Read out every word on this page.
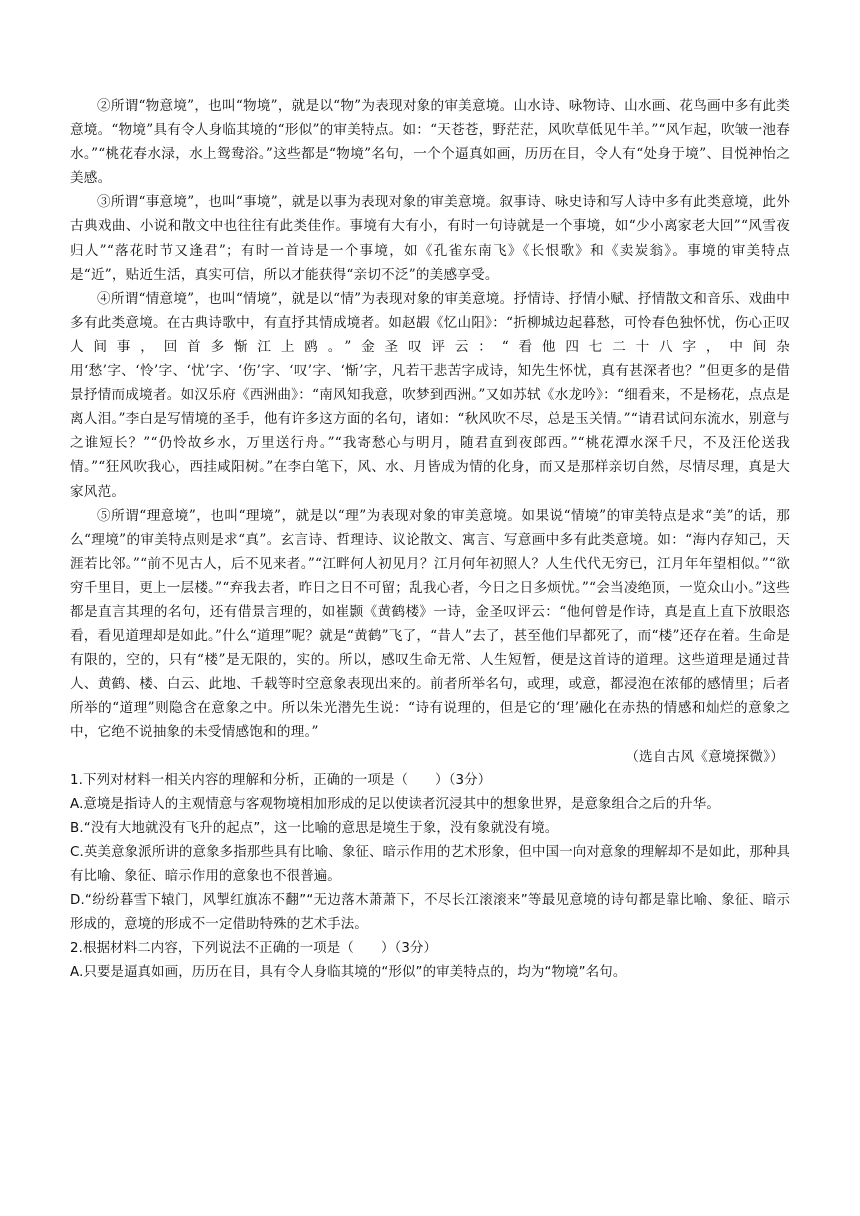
②所谓“物意境”，也叫“物境”，就是以“物”为表现对象的审美意境。山水诗、咏物诗、山水画、花鸟画中多有此类意境。“物境”具有令人身临其境的“形似”的审美特点。如：“天苍苍，野茫茫，风吹草低见牛羊。”“风乍起，吹皱一池春水。”“桃花春水渌，水上鸳鸯浴。”这些都是“物境”名句，一个个逼真如画，历历在目，令人有“处身于境”、目悦神怡之美感。

③所谓“事意境”，也叫“事境”，就是以事为表现对象的审美意境。叙事诗、咏史诗和写人诗中多有此类意境，此外古典戏曲、小说和散文中也往往有此类佳作。事境有大有小，有时一句诗就是一个事境，如“少小离家老大回”“风雪夜归人”“落花时节又逢君”；有时一首诗是一个事境，如《孔雀东南飞》《长恨歌》和《卖炭翁》。事境的审美特点是“近”，贴近生活，真实可信，所以才能获得“亲切不泛”的美感享受。

④所谓“情意境”，也叫“情境”，就是以“情”为表现对象的审美意境。抒情诗、抒情小赋、抒情散文和音乐、戏曲中多有此类意境。在古典诗歌中，有直抒其情成境者。如赵嘏《忆山阳》：“折柳城边起暮愁，可怜春色独怀忧，伤心正叹人间事，回首多惭江上鸥。”金圣叹评云：“看他四七二十八字，中间杂用‘愁’字、‘怜’字、‘忧’字、‘伤’字、‘叹’字、‘惭’字，凡若干悲苦字成诗，知先生怀忧，真有甚深者也？”但更多的是借景抒情而成境者。如汉乐府《西洲曲》：“南风知我意，吹梦到西洲。”又如苏轼《水龙吟》：“细看来，不是杨花，点点是离人泪。”李白是写情境的圣手，他有许多这方面的名句，诸如：“秋风吹不尽，总是玉关情。”“请君试问东流水，别意与之谁短长？”“仍怜故乡水，万里送行舟。”“我寄愁心与明月，随君直到夜郎西。”“桃花潭水深千尺，不及汪伦送我情。”“狂风吹我心，西挂咸阳树。”在李白笔下，风、水、月皆成为情的化身，而又是那样亲切自然，尽情尽理，真是大家风范。

⑤所谓“理意境”，也叫“理境”，就是以“理”为表现对象的审美意境。如果说“情境”的审美特点是求“美”的话，那么“理境”的审美特点则是求“真”。玄言诗、哲理诗、议论散文、寓言、写意画中多有此类意境。如：“海内存知己，天涯若比邻。”“前不见古人，后不见来者。”“江畔何人初见月？江月何年初照人？人生代代无穷已，江月年年望相似。”“欲穷千里目，更上一层楼。”“弃我去者，昨日之日不可留；乱我心者，今日之日多烦忧。”“会当凌绝顶，一览众山小。”这些都是直言其理的名句，还有借景言理的，如崔颢《黄鹤楼》一诗，金圣叹评云：“他何曾是作诗，真是直上直下放眼恣看，看见道理却是如此。”什么“道理”呢？就是“黄鹤”飞了，“昔人”去了，甚至他们早都死了，而“楼”还存在着。生命是有限的，空的，只有“楼”是无限的，实的。所以，感叹生命无常、人生短暂，便是这首诗的道理。这些道理是通过昔人、黄鹤、楼、白云、此地、千载等时空意象表现出来的。前者所举名句，或理，或意，都浸泡在浓郁的感情里；后者所举的“道理”则隐含在意象之中。所以朱光潜先生说：“诗有说理的，但是它的‘理’融化在赤热的情感和灿烂的意象之中，它绝不说抽象的未受情感饱和的理。”

（选自古风《意境探微》）

1.下列对材料一相关内容的理解和分析，正确的一项是（　　）（3分）

A.意境是指诗人的主观情意与客观物境相加形成的足以使读者沉浸其中的想象世界，是意象组合之后的升华。

B.“没有大地就没有飞升的起点”，这一比喻的意思是境生于象，没有象就没有境。

C.英美意象派所讲的意象多指那些具有比喻、象征、暗示作用的艺术形象，但中国一向对意象的理解却不是如此，那种具有比喻、象征、暗示作用的意象也不很普遍。

D.“纷纷暮雪下辕门，风掣红旗冻不翻”“无边落木萧萧下，不尽长江滚滚来”等最见意境的诗句都是靠比喻、象征、暗示形成的，意境的形成不一定借助特殊的艺术手法。

2.根据材料二内容，下列说法不正确的一项是（　　）（3分）

A.只要是逼真如画，历历在目，具有令人身临其境的“形似”的审美特点的，均为“物境”名句。
